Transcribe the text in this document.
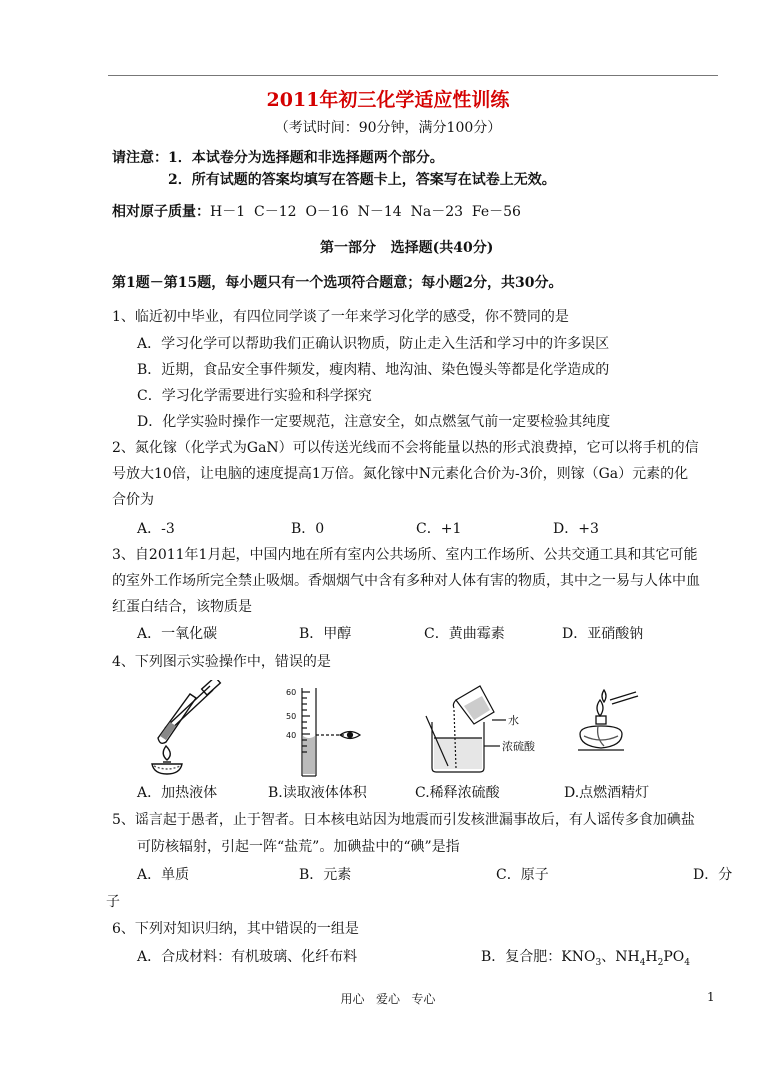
2011年初三化学适应性训练
（考试时间：90分钟，满分100分）
请注意：1．本试卷分为选择题和非选择题两个部分。
2．所有试题的答案均填写在答题卡上，答案写在试卷上无效。
相对原子质量：H－1  C－12  O－16  N－14  Na－23  Fe－56
第一部分   选择题(共40分)
第1题－第15题，每小题只有一个选项符合题意；每小题2分，共30分。
1、临近初中毕业，有四位同学谈了一年来学习化学的感受，你不赞同的是
A．学习化学可以帮助我们正确认识物质，防止走入生活和学习中的许多误区
B．近期，食品安全事件频发，瘦肉精、地沟油、染色馒头等都是化学造成的
C．学习化学需要进行实验和科学探究
D．化学实验时操作一定要规范，注意安全，如点燃氢气前一定要检验其纯度
2、氮化镓（化学式为GaN）可以传送光线而不会将能量以热的形式浪费掉，它可以将手机的信
号放大10倍，让电脑的速度提高1万倍。氮化镓中N元素化合价为-3价，则镓（Ga）元素的化
合价为
A．-3	B．0	C．+1	D．+3
3、自2011年1月起，中国内地在所有室内公共场所、室内工作场所、公共交通工具和其它可能
的室外工作场所完全禁止吸烟。香烟烟气中含有多种对人体有害的物质，其中之一易与人体中血
红蛋白结合，该物质是
A．一氧化碳	B．甲醇	C．黄曲霉素	D．亚硝酸钠
4、下列图示实验操作中，错误的是
60
50
40
水
浓硫酸
A．加热液体	B.读取液体体积	C.稀释浓硫酸	D.点燃酒精灯
5、谣言起于愚者，止于智者。日本核电站因为地震而引发核泄漏事故后，有人谣传多食加碘盐
可防核辐射，引起一阵“盐荒”。加碘盐中的“碘”是指
A．单质	B．元素	C．原子	D．分
子
6、下列对知识归纳，其中错误的一组是
A．合成材料：有机玻璃、化纤布料	B．复合肥：$KNO_3$、$NH_4H_2PO_4$
用心   爱心   专心	1
